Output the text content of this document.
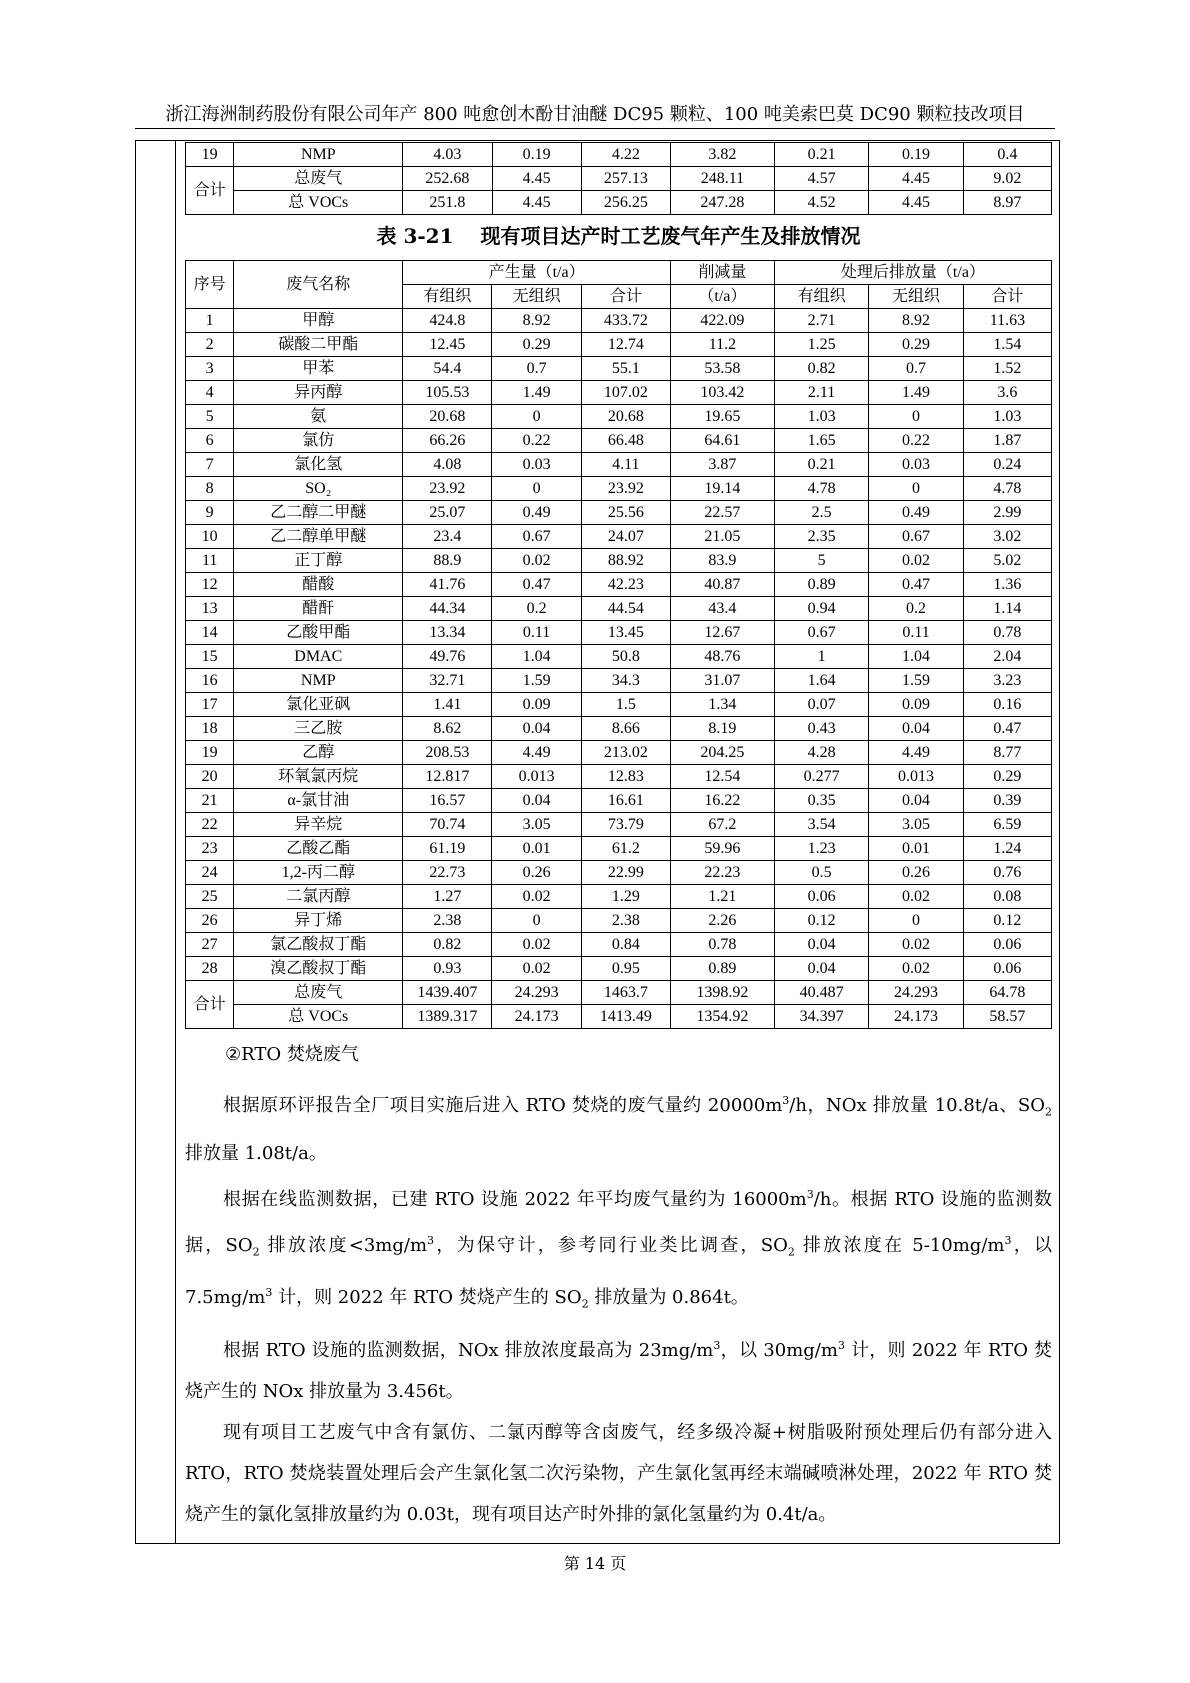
浙江海洲制药股份有限公司年产 800 吨愈创木酚甘油醚 DC95 颗粒、100 吨美索巴莫 DC90 颗粒技改项目
19	NMP	4.03	0.19	4.22	3.82	0.21	0.19	0.4
合计	总废气	252.68	4.45	257.13	248.11	4.57	4.45	9.02
	总 VOCs	251.8	4.45	256.25	247.28	4.52	4.45	8.97
表 3-21　 现有项目达产时工艺废气年产生及排放情况
序号	废气名称	产生量（t/a）			削减量	处理后排放量（t/a）		
		有组织	无组织	合计	（t/a）	有组织	无组织	合计
1	甲醇	424.8	8.92	433.72	422.09	2.71	8.92	11.63
2	碳酸二甲酯	12.45	0.29	12.74	11.2	1.25	0.29	1.54
3	甲苯	54.4	0.7	55.1	53.58	0.82	0.7	1.52
4	异丙醇	105.53	1.49	107.02	103.42	2.11	1.49	3.6
5	氨	20.68	0	20.68	19.65	1.03	0	1.03
6	氯仿	66.26	0.22	66.48	64.61	1.65	0.22	1.87
7	氯化氢	4.08	0.03	4.11	3.87	0.21	0.03	0.24
8	SO₂	23.92	0	23.92	19.14	4.78	0	4.78
9	乙二醇二甲醚	25.07	0.49	25.56	22.57	2.5	0.49	2.99
10	乙二醇单甲醚	23.4	0.67	24.07	21.05	2.35	0.67	3.02
11	正丁醇	88.9	0.02	88.92	83.9	5	0.02	5.02
12	醋酸	41.76	0.47	42.23	40.87	0.89	0.47	1.36
13	醋酐	44.34	0.2	44.54	43.4	0.94	0.2	1.14
14	乙酸甲酯	13.34	0.11	13.45	12.67	0.67	0.11	0.78
15	DMAC	49.76	1.04	50.8	48.76	1	1.04	2.04
16	NMP	32.71	1.59	34.3	31.07	1.64	1.59	3.23
17	氯化亚砜	1.41	0.09	1.5	1.34	0.07	0.09	0.16
18	三乙胺	8.62	0.04	8.66	8.19	0.43	0.04	0.47
19	乙醇	208.53	4.49	213.02	204.25	4.28	4.49	8.77
20	环氧氯丙烷	12.817	0.013	12.83	12.54	0.277	0.013	0.29
21	α-氯甘油	16.57	0.04	16.61	16.22	0.35	0.04	0.39
22	异辛烷	70.74	3.05	73.79	67.2	3.54	3.05	6.59
23	乙酸乙酯	61.19	0.01	61.2	59.96	1.23	0.01	1.24
24	1,2-丙二醇	22.73	0.26	22.99	22.23	0.5	0.26	0.76
25	二氯丙醇	1.27	0.02	1.29	1.21	0.06	0.02	0.08
26	异丁烯	2.38	0	2.38	2.26	0.12	0	0.12
27	氯乙酸叔丁酯	0.82	0.02	0.84	0.78	0.04	0.02	0.06
28	溴乙酸叔丁酯	0.93	0.02	0.95	0.89	0.04	0.02	0.06
合计	总废气	1439.407	24.293	1463.7	1398.92	40.487	24.293	64.78
	总 VOCs	1389.317	24.173	1413.49	1354.92	34.397	24.173	58.57
②RTO 焚烧废气

根据原环评报告全厂项目实施后进入 RTO 焚烧的废气量约 $20000m^3/h$，NOx 排放量 10.8t/a、$SO_2$ 排放量 1.08t/a。

根据在线监测数据，已建 RTO 设施 2022 年平均废气量约为 $16000m^3/h$。根据 RTO 设施的监测数据，$SO_2$ 排放浓度$<3mg/m^3$，为保守计，参考同行业类比调查，$SO_2$ 排放浓度在 $5-10mg/m^3$，以 $7.5mg/m^3$ 计，则 2022 年 RTO 焚烧产生的 $SO_2$ 排放量为 0.864t。

根据 RTO 设施的监测数据，NOx 排放浓度最高为 $23mg/m^3$，以 $30mg/m^3$ 计，则 2022 年 RTO 焚烧产生的 NOx 排放量为 3.456t。

现有项目工艺废气中含有氯仿、二氯丙醇等含卤废气，经多级冷凝+树脂吸附预处理后仍有部分进入 RTO，RTO 焚烧装置处理后会产生氯化氢二次污染物，产生氯化氢再经末端碱喷淋处理，2022 年 RTO 焚烧产生的氯化氢排放量约为 0.03t，现有项目达产时外排的氯化氢量约为 0.4t/a。

第 14 页
